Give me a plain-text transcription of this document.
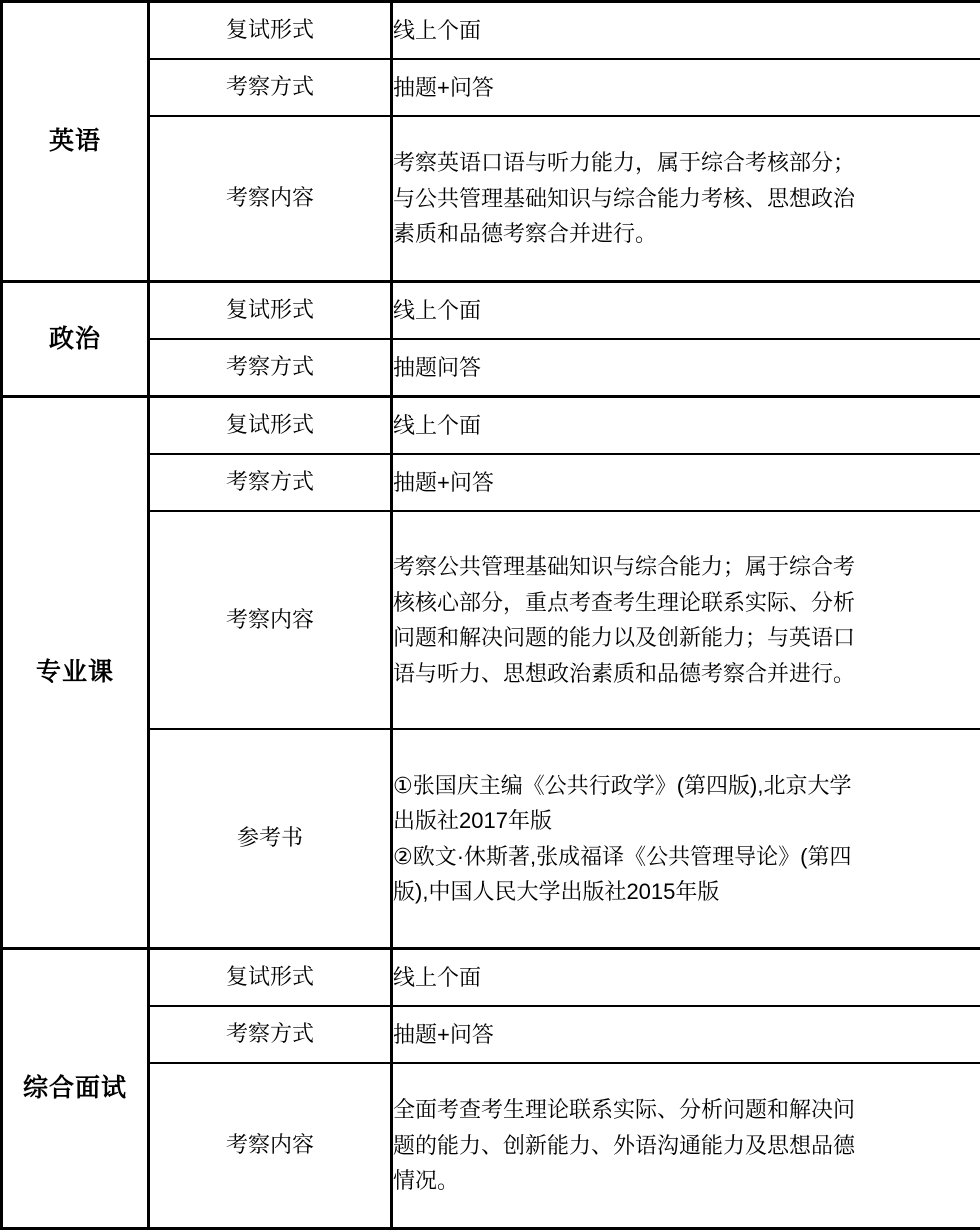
英语	复试形式	线上个面

	考察方式	抽题+问答

	考察内容	考察英语口语与听力能力，属于综合考核部分；
与公共管理基础知识与综合能力考核、思想政治
素质和品德考察合并进行。

政治	复试形式	线上个面

	考察方式	抽题问答

专业课	复试形式	线上个面

	考察方式	抽题+问答

	考察内容	考察公共管理基础知识与综合能力；属于综合考
核核心部分，重点考查考生理论联系实际、分析
问题和解决问题的能力以及创新能力；与英语口
语与听力、思想政治素质和品德考察合并进行。

	参考书	①张国庆主编《公共行政学》(第四版),北京大学
出版社2017年版
②欧文·休斯著,张成福译《公共管理导论》(第四
版),中国人民大学出版社2015年版

综合面试	复试形式	线上个面

	考察方式	抽题+问答

	考察内容	全面考查考生理论联系实际、分析问题和解决问
题的能力、创新能力、外语沟通能力及思想品德
情况。
